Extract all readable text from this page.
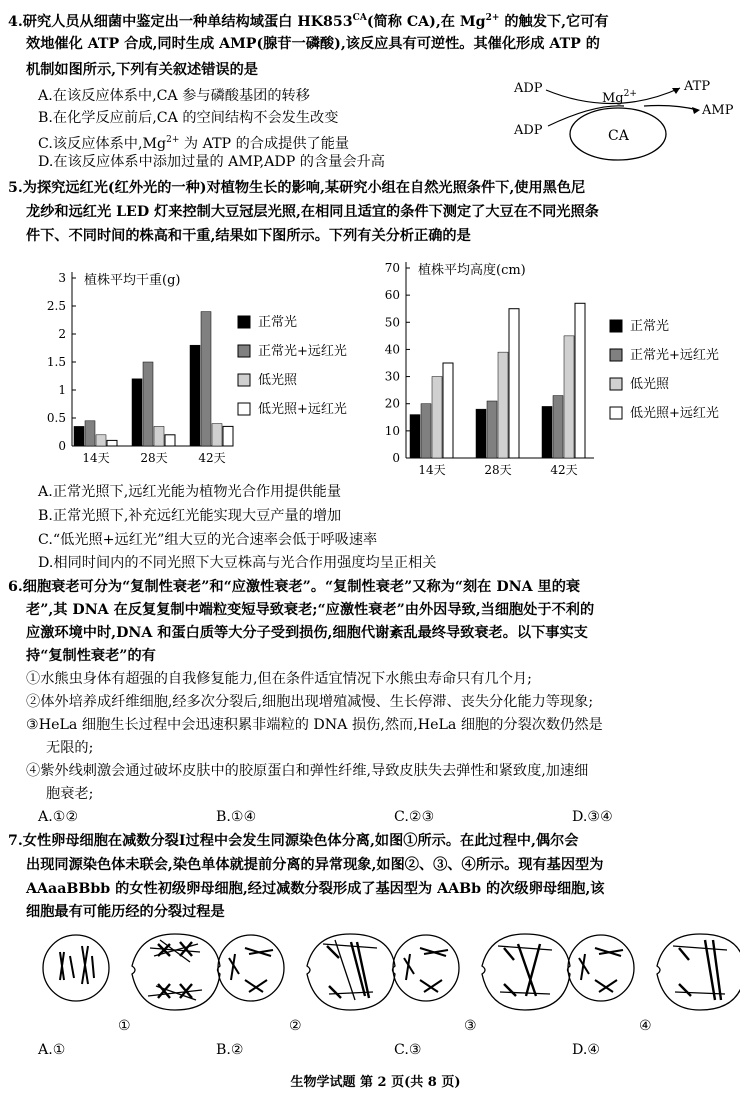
4.研究人员从细菌中鉴定出一种单结构域蛋白 $HK853^{CA}$(简称 CA),在 $Mg^{2+}$ 的触发下,它可有
效地催化 ATP 合成,同时生成 AMP(腺苷一磷酸),该反应具有可逆性。其催化形成 ATP 的
机制如图所示,下列有关叙述错误的是
A.在该反应体系中,CA 参与磷酸基团的转移
B.在化学反应前后,CA 的空间结构不会发生改变
C.该反应体系中$,Mg^{2+}$ 为 ATP 的合成提供了能量
D.在该反应体系中添加过量的 AMP,ADP 的含量会升高
ADP
ADP
$Mg^{2+}$	ATP
AMP
CA
5.为探究远红光(红外光的一种)对植物生长的影响,某研究小组在自然光照条件下,使用黑色尼
龙纱和远红光 LED 灯来控制大豆冠层光照,在相同且适宜的条件下测定了大豆在不同光照条
件下、不同时间的株高和干重,结果如下图所示。下列有关分析正确的是
0
0.5
1
1.5
2
2.5
3 植株平均干重(g)
14天	28天	42天
正常光
正常光+远红光
低光照
低光照+远红光
0
10
20
30
40
50
60
70 植株平均高度(cm)
14天	28天	42天
正常光
正常光+远红光
低光照
低光照+远红光
A.正常光照下,远红光能为植物光合作用提供能量
B.正常光照下,补充远红光能实现大豆产量的增加
C.“低光照+远红光”组大豆的光合速率会低于呼吸速率
D.相同时间内的不同光照下大豆株高与光合作用强度均呈正相关
6.细胞衰老可分为“复制性衰老”和“应激性衰老”。“复制性衰老”又称为“刻在 DNA 里的衰
老”,其 DNA 在反复复制中端粒变短导致衰老;“应激性衰老”由外因导致,当细胞处于不利的
应激环境中时,DNA 和蛋白质等大分子受到损伤,细胞代谢紊乱最终导致衰老。以下事实支
持“复制性衰老”的有
①水熊虫身体有超强的自我修复能力,但在条件适宜情况下水熊虫寿命只有几个月;
②体外培养成纤维细胞,经多次分裂后,细胞出现增殖减慢、生长停滞、丧失分化能力等现象;
③HeLa 细胞生长过程中会迅速积累非端粒的 DNA 损伤,然而,HeLa 细胞的分裂次数仍然是
无限的;
④紫外线刺激会通过破坏皮肤中的胶原蛋白和弹性纤维,导致皮肤失去弹性和紧致度,加速细
胞衰老;
A.①②	B.①④	C.②③	D.③④
7.女性卵母细胞在减数分裂Ⅰ过程中会发生同源染色体分离,如图①所示。在此过程中,偶尔会
出现同源染色体未联会,染色单体就提前分离的异常现象,如图②、③、④所示。现有基因型为
AAaaBBbb 的女性初级卵母细胞,经过减数分裂形成了基因型为 AABb 的次级卵母细胞,该
细胞最有可能历经的分裂过程是
①	②	③	④
A.①	B.②	C.③	D.④
生物学试题 第 2 页(共 8 页)
